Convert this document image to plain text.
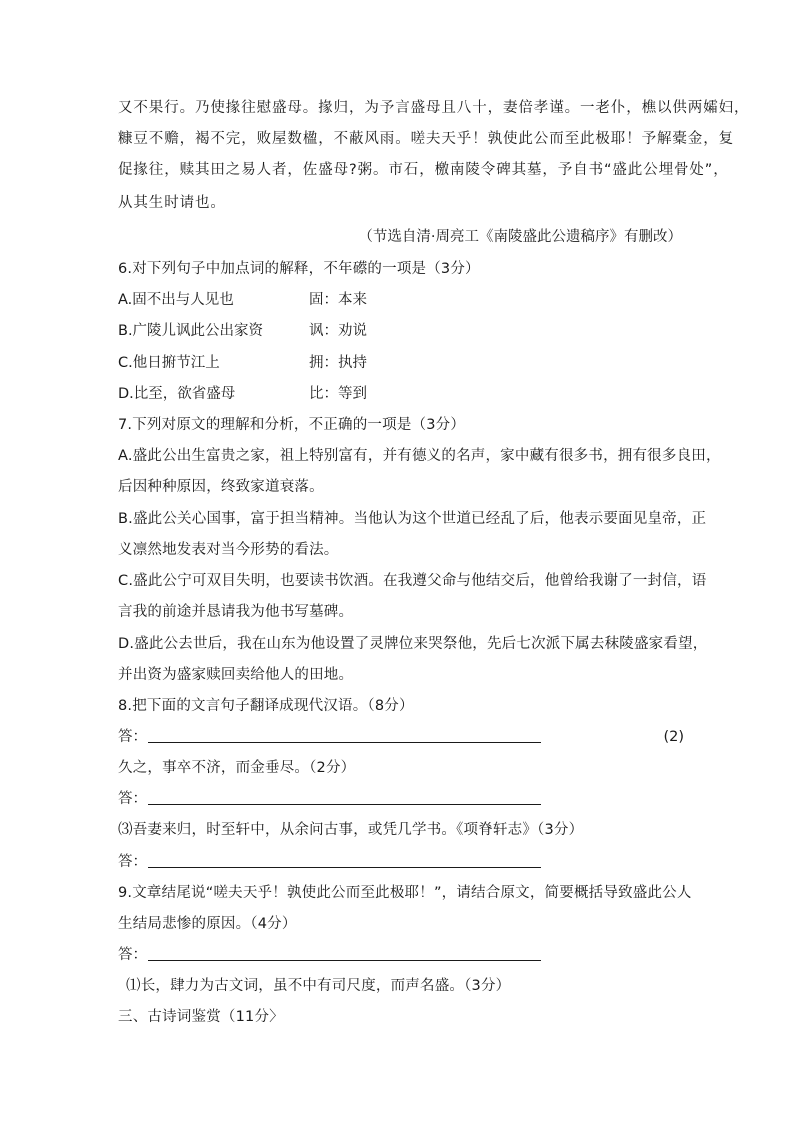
又不果行。乃使掾往慰盛母。掾归，为予言盛母且八十，妻倍孝谨。一老仆，樵以供两孀妇，
糠豆不赡，褐不完，败屋数楹，不蔽风雨。嗟夫天乎！孰使此公而至此极耶！予解橐金，复
促掾往，赎其田之易人者，佐盛母?粥。市石，檄南陵令碑其墓，予自书“盛此公埋骨处”，
从其生时请也。
（节选自清·周亮工《南陵盛此公遗稿序》有删改）
6.对下列句子中加点词的解释，不年礤的一项是（3分）
A.固不出与人见也	固：本来
B.广陵儿讽此公出家资	讽：劝说
C.他日捬节江上	拥：执持
D.比至，欲省盛母	比：等到
7.下列对原文的理解和分析，不正确的一项是（3分）
A.盛此公出生富贵之家，祖上特别富有，并有德义的名声，家中藏有很多书，拥有很多良田，
后因种种原因，终致家道衰落。
B.盛此公关心国事，富于担当精神。当他认为这个世道已经乱了后，他表示要面见皇帝，正
义凛然地发表对当今形势的看法。
C.盛此公宁可双目失明，也要读书饮酒。在我遵父命与他结交后，他曾给我谢了一封信，语
言我的前途并恳请我为他书写墓碑。
D.盛此公去世后，我在山东为他设置了灵牌位来哭祭他，先后七次派下属去秣陵盛家看望，
并出资为盛家赎回卖给他人的田地。
8.把下面的文言句子翻译成现代汉语。（8分）
答：	(2)
久之，事卒不济，而金垂尽。（2分）
答：
⑶吾妻来归，时至轩中，从余问古事，或凭几学书。《项脊轩志》（3分）
答：
9.文章结尾说“嗟夫天乎！孰使此公而至此极耶！”，请结合原文，简要概括导致盛此公人
生结局悲惨的原因。（4分）
答：
⑴长，肆力为古文词，虽不中有司尺度，而声名盛。（3分）
三、古诗词鉴赏（11分〉
